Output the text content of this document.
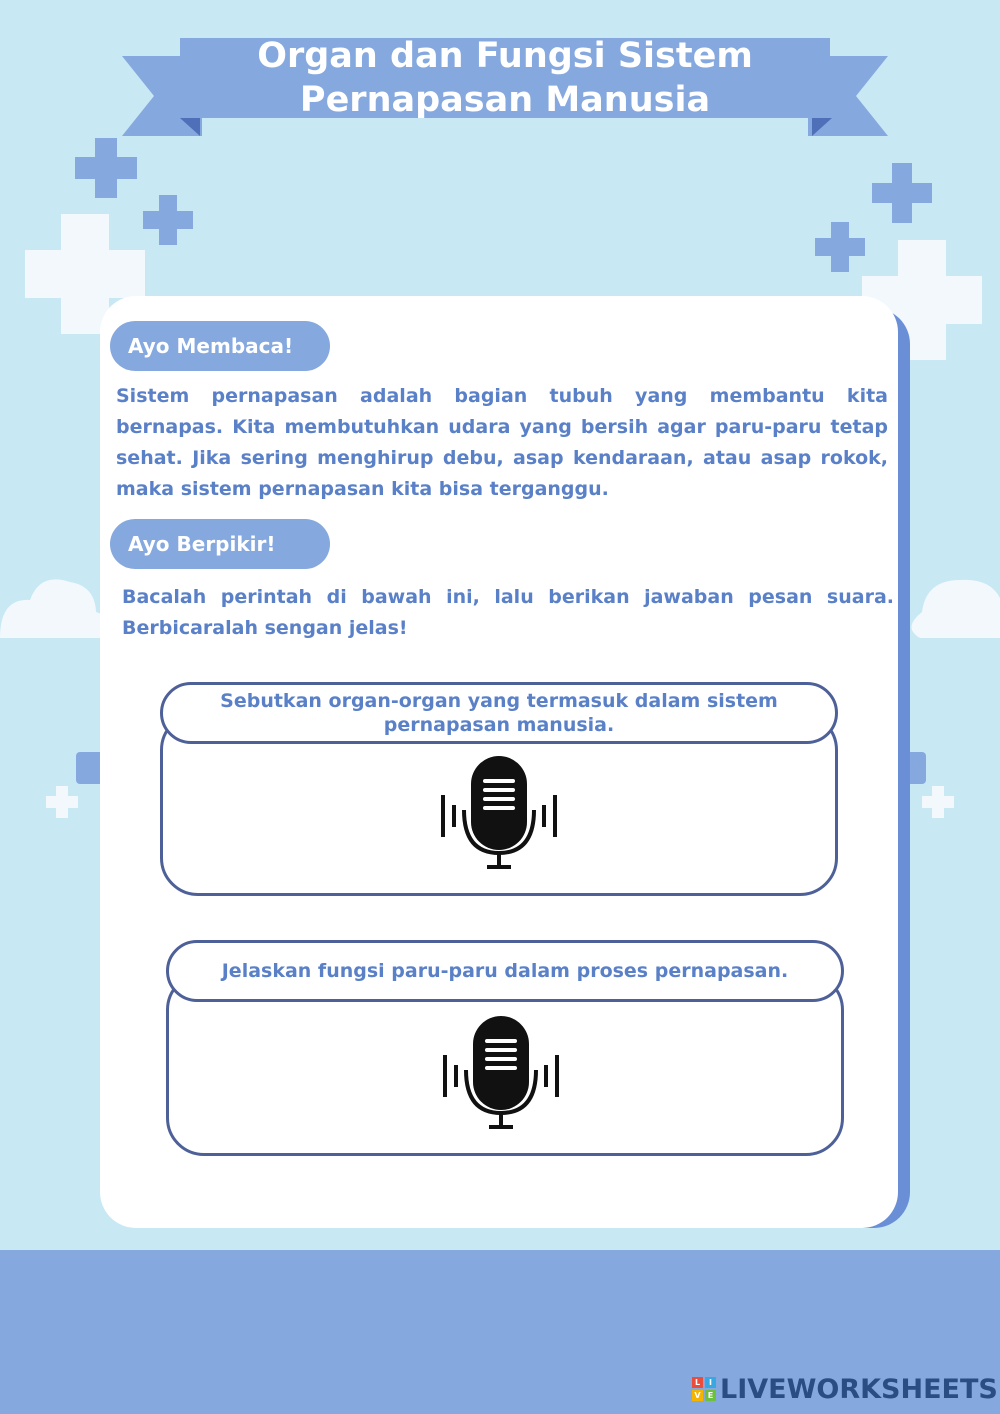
Organ dan Fungsi Sistem
Pernapasan Manusia
Ayo Membaca!

Sistem pernapasan adalah bagian tubuh yang membantu kita bernapas. Kita membutuhkan udara yang bersih agar paru-paru tetap sehat. Jika sering menghirup debu, asap kendaraan, atau asap rokok, maka sistem pernapasan kita bisa terganggu.

Ayo Berpikir!

Bacalah perintah di bawah ini, lalu berikan jawaban pesan suara. Berbicaralah sengan jelas!

Sebutkan organ-organ yang termasuk dalam sistem pernapasan manusia.

Jelaskan fungsi paru-paru dalam proses pernapasan.

L	I
V E LIVEWORKSHEETS
